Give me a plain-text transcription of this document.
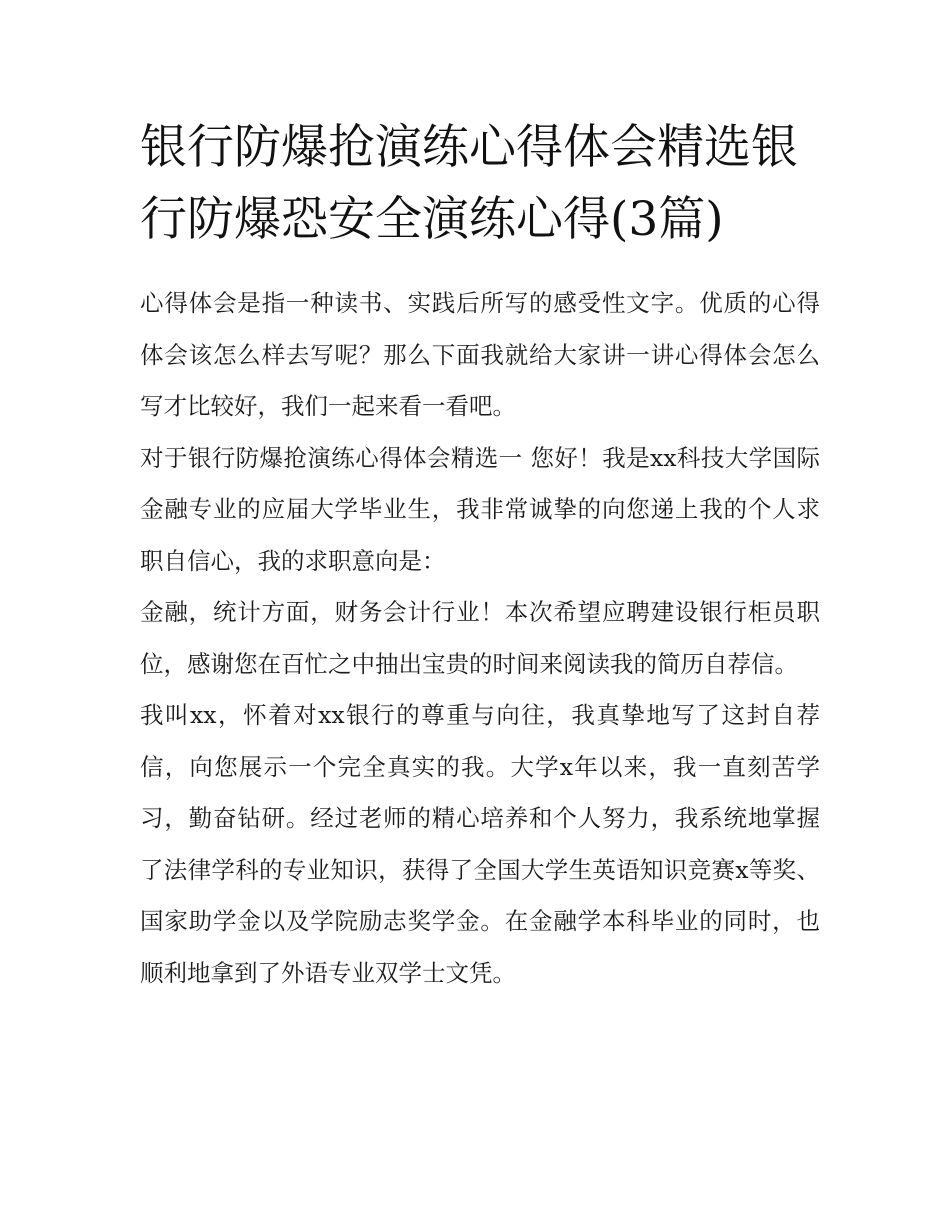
银行防爆抢演练心得体会精选银行防爆恐安全演练心得(3篇)

心得体会是指一种读书、实践后所写的感受性文字。优质的心得体会该怎么样去写呢？那么下面我就给大家讲一讲心得体会怎么写才比较好，我们一起来看一看吧。

对于银行防爆抢演练心得体会精选一 您好！我是xx科技大学国际金融专业的应届大学毕业生，我非常诚挚的向您递上我的个人求职自信心，我的求职意向是：

金融，统计方面，财务会计行业！本次希望应聘建设银行柜员职位，感谢您在百忙之中抽出宝贵的时间来阅读我的简历自荐信。

我叫xx，怀着对xx银行的尊重与向往，我真挚地写了这封自荐信，向您展示一个完全真实的我。大学x年以来，我一直刻苦学习，勤奋钻研。经过老师的精心培养和个人努力，我系统地掌握了法律学科的专业知识，获得了全国大学生英语知识竞赛x等奖、国家助学金以及学院励志奖学金。在金融学本科毕业的同时，也顺利地拿到了外语专业双学士文凭。
